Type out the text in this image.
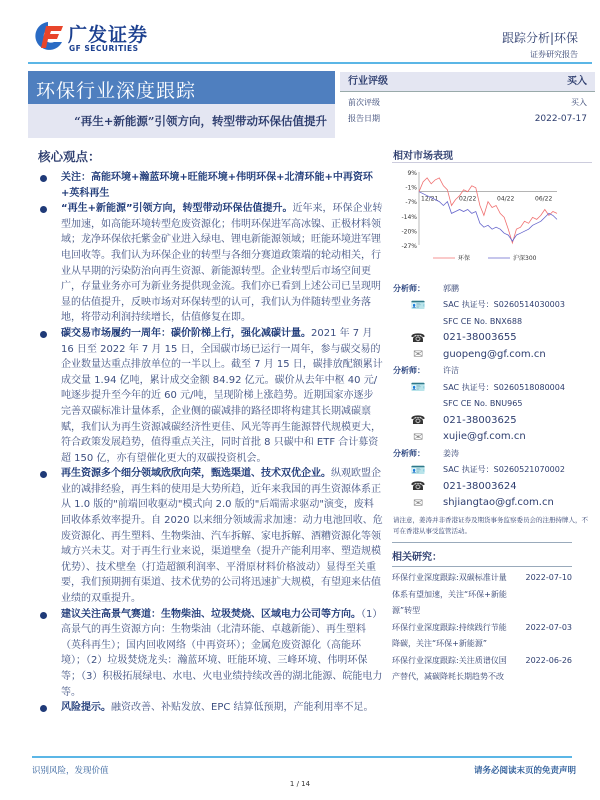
广发证券
GF SECURITIES
跟踪分析|环保
证券研究报告
环保行业深度跟踪
“再生+新能源”引领方向，转型带动环保估值提升
行业评级	买入
前次评级	买入
报告日期	2022-07-17
核心观点：
关注：高能环境+瀚蓝环境+旺能环境+伟明环保+北清环能+中再资环+英科再生
“再生+新能源”引领方向，转型带动环保估值提升。近年来，环保企业转型加速，如高能环境转型危废资源化；伟明环保进军高冰镍、正极材料领域；龙净环保依托紫金矿业进入绿电、锂电新能源领域；旺能环境进军锂电回收等。我们认为环保企业的转型与各细分赛道政策端的轮动相关，行业从早期的污染防治向再生资源、新能源转型。企业转型后市场空间更广，存量业务亦可为新业务提供现金流。我们亦已看到上述公司已呈现明显的估值提升，反映市场对环保转型的认可，我们认为伴随转型业务落地，将带动利润持续增长，估值修复在即。
碳交易市场履约一周年：碳价阶梯上行，强化减碳计量。2021 年 7 月 16 日至 2022 年 7 月 15 日，全国碳市场已运行一周年，参与碳交易的企业数量达重点排放单位的一半以上。截至 7 月 15 日，碳排放配额累计成交量 1.94 亿吨，累计成交金额 84.92 亿元。碳价从去年中枢 40 元/吨逐步提升至今年的近 60 元/吨，呈现阶梯上涨趋势。近期国家亦逐步完善双碳标准计量体系，企业侧的碳减排的路径即将构建其长期减碳禀赋，我们认为再生资源减碳经济性更佳、风光等再生能源替代规模更大，符合政策发展趋势，值得重点关注，同时首批 8 只碳中和 ETF 合计募资超 150 亿，亦有望催化更大的双碳投资机会。
再生资源多个细分领域欣欣向荣，甄选渠道、技术双优企业。纵观欧盟企业的减排经验，再生料的使用是大势所趋，近年来我国的再生资源体系正从 1.0 版的"前端回收驱动"模式向 2.0 版的"后端需求驱动"演变，废料回收体系效率提升。自 2020 以来细分领域需求加速：动力电池回收、危废资源化、再生塑料、生物柴油、汽车拆解、家电拆解、酒糟资源化等领域方兴未艾。对于再生行业来说，渠道壁垒（提升产能利用率、塑造规模优势）、技术壁垒（打造超额利润率、平滑原材料价格波动）显得至关重要，我们预期拥有渠道、技术优势的公司将迅速扩大规模，有望迎来估值业绩的双重提升。
建议关注高景气赛道：生物柴油、垃圾焚烧、区域电力公司等方向。（1）高景气的再生资源方向：生物柴油（北清环能、卓越新能）、再生塑料（英科再生）；国内回收网络（中再资环）；金属危废资源化（高能环境）；（2）垃圾焚烧龙头：瀚蓝环境、旺能环境、三峰环境、伟明环保等；（3）积极拓展绿电、水电、火电业绩持续改善的湖北能源、皖能电力等。
风险提示。融资改善、补贴发放、EPC 结算低预期，产能利用率不足。
相对市场表现
9%
-1%
-7%
-14%
-20%
-27%
12/21	02/22	04/22	06/22
环保	沪深300
分析师：	郭鹏
🪪	SAC 执证号：S0260514030003
SFC CE No. BNX688
☎	021-38003655
✉	guopeng@gf.com.cn
分析师：	许洁
🪪	SAC 执证号：S0260518080004
SFC CE No. BNU965
☎	021-38003625
✉	xujie@gf.com.cn
分析师：	姜涛
🪪	SAC 执证号：S0260521070002
☎	021-38003624
✉	shjiangtao@gf.com.cn
请注意，姜涛并非香港证券及期货事务监察委员会的注册持牌人，不可在香港从事受监管活动。
相关研究：
环保行业深度跟踪:双碳标准计量体系有望加速，关注“环保+新能源”转型
2022-07-10
环保行业深度跟踪:持续践行节能降碳，关注“环保+新能源”
2022-07-03
环保行业深度跟踪:关注质谱仪国产替代，减碳降耗长期趋势不改
2022-06-26
识别风险，发现价值	请务必阅读末页的免责声明
1 / 14
